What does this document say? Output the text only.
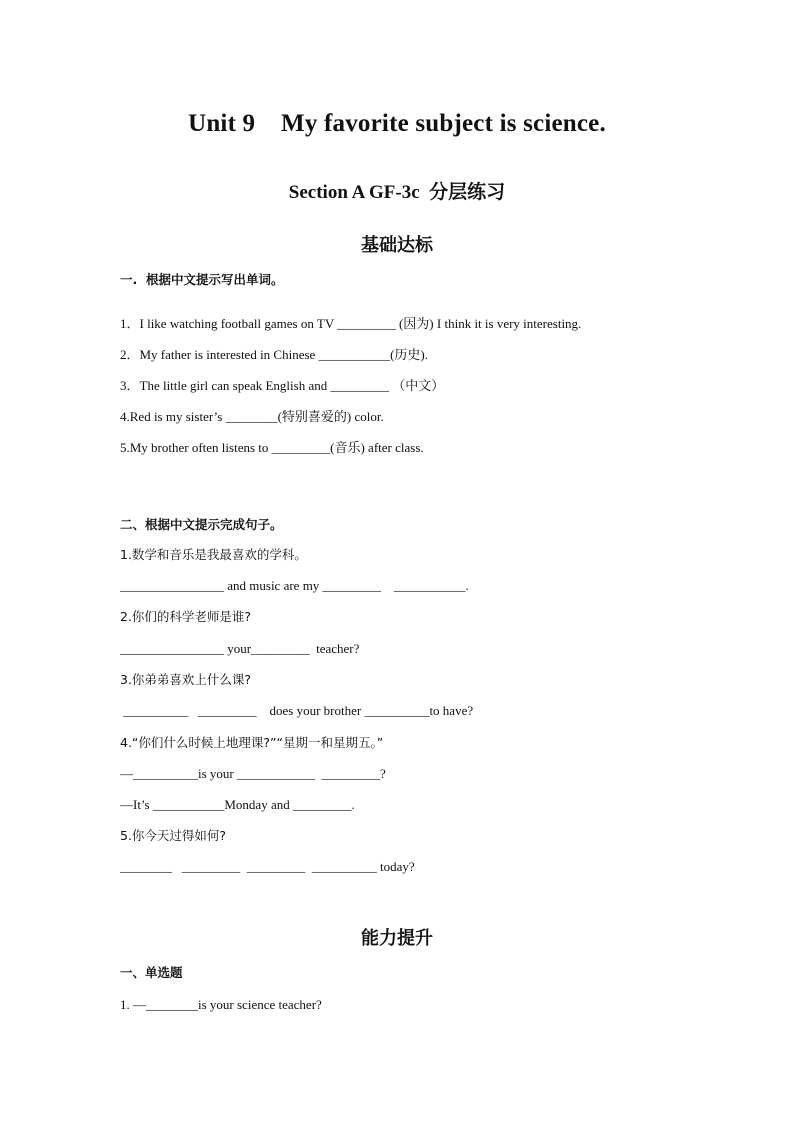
Unit 9    My favorite subject is science.
Section A GF-3c  分层练习
基础达标
一.  根据中文提示写出单词。
1．I like watching football games on TV _________ (因为) I think it is very interesting.
2．My father is interested in Chinese ___________(历史).
3．The little girl can speak English and _________ （中文）
4.Red is my sister’s ________(特别喜爱的) color.
5.My brother often listens to _________(音乐) after class.
二、根据中文提示完成句子。
1.数学和音乐是我最喜欢的学科。
________________ and music are my _________    ___________.
2.你们的科学老师是谁?
________________ your_________  teacher?
3.你弟弟喜欢上什么课?
__________   _________    does your brother __________to have?
4.“你们什么时候上地理课?”“星期一和星期五。”
—__________is your ____________  _________?
—It’s ___________Monday and _________.
5.你今天过得如何?
________   _________  _________  __________ today?
能力提升
一、单选题
1. —________is your science teacher?
